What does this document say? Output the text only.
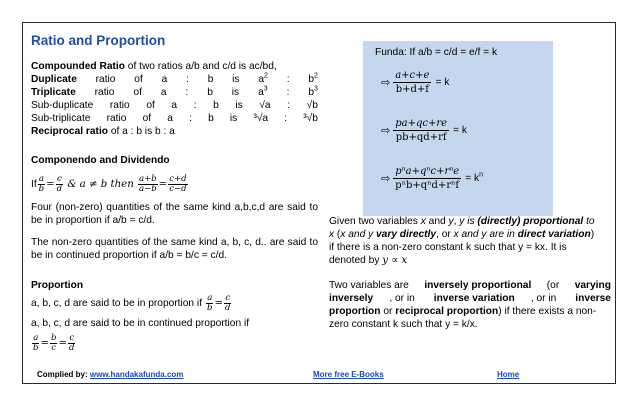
Ratio and Proportion
Compounded Ratio of two ratios a/b and c/d is ac/bd,
Duplicate ratio of a : b is $a^2$ : $b^2$
Triplicate ratio of a : b is $a^3$ : $b^3$
Sub-duplicate ratio of a : b is √a : √b
Sub-triplicate ratio of a : b is ³√a : ³√b
Reciprocal ratio of a : b is b : a
Componendo and Dividendo
If $\frac{a}{b} = \frac{c}{d}$ & a ≠ b then $\frac{a+b}{a-b} = \frac{c+d}{c-d}$
Four (non-zero) quantities of the same kind a,b,c,d are said to be in proportion if a/b = c/d.
The non-zero quantities of the same kind a, b, c, d.. are said to be in continued proportion if a/b = b/c = c/d.
Proportion
a, b, c, d are said to be in proportion if $\frac{a}{b} = \frac{c}{d}$
a, b, c, d are said to be in continued proportion if
$\frac{a}{b} = \frac{b}{c} = \frac{c}{d}$
Funda: If a/b = c/d = e/f = k
⇨ $\frac{a+c+e}{b+d+f} = k$
⇨ $\frac{pa+qc+re}{pb+qd+rf} = k$
⇨ $\frac{\text{pⁿa+qⁿc+rⁿe}}{\text{pⁿb+qⁿd+rⁿf}} = k^n$
Given two variables x and y, y is (directly) proportional to
x (x and y vary directly, or x and y are in direct variation)
if there is a non-zero constant k such that y = kx. It is
denoted by y ∝ x
Two variables are inversely proportional (or varying
inversely , or in inverse variation , or in inverse
proportion or reciprocal proportion) if there exists a non-
zero constant k such that y = k/x.
Complied by: www.handakafunda.com	More free E-Books	Home
